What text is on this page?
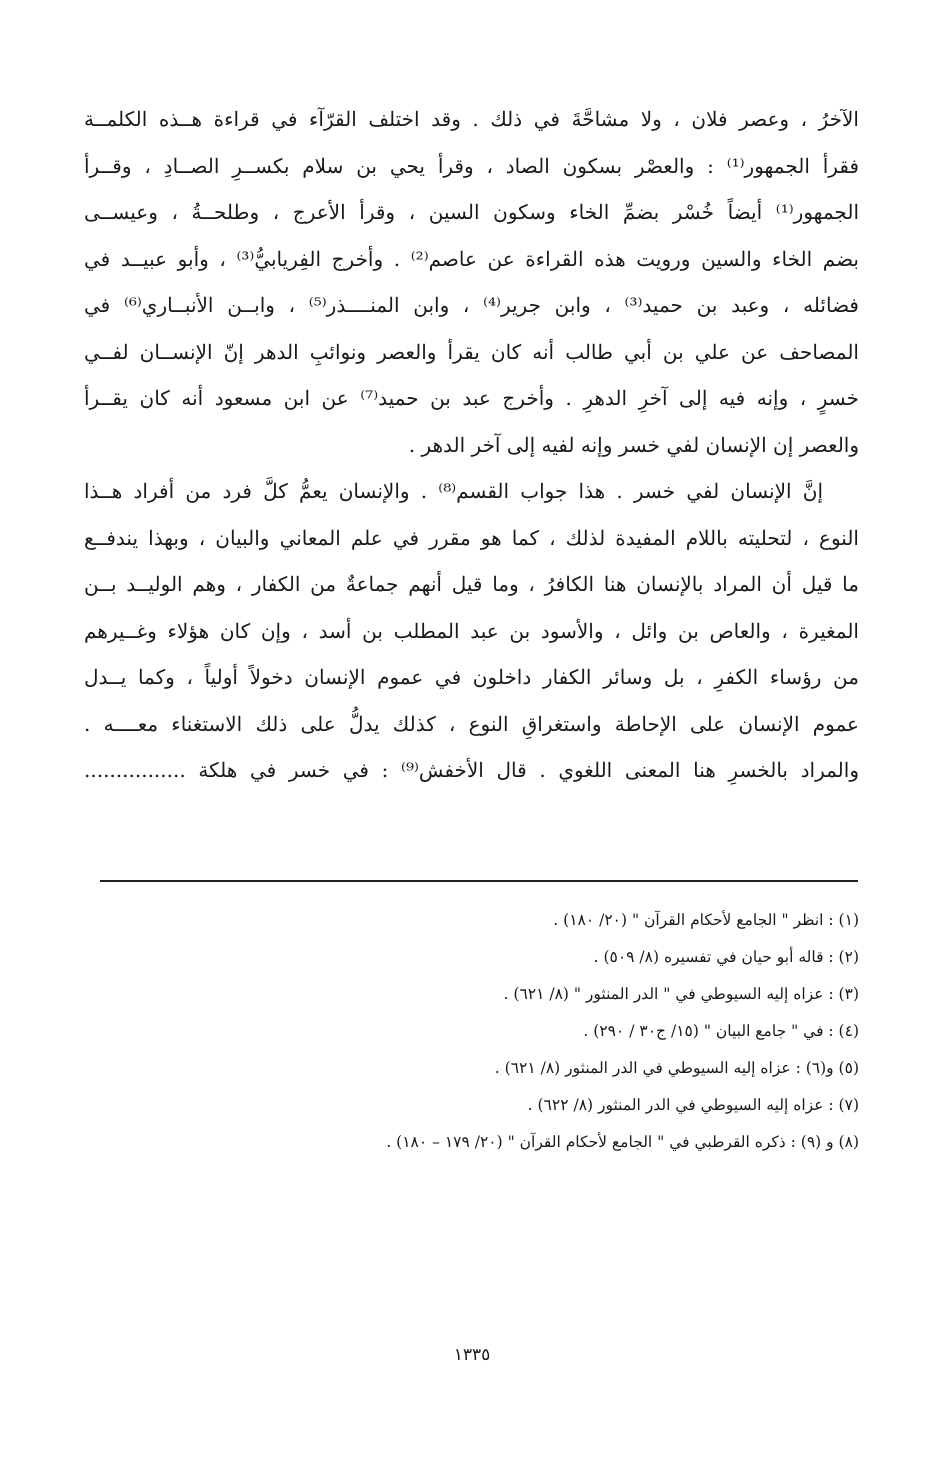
الآخرُ ، وعصر فلان ، ولا مشاحَّةَ في ذلك . وقد اختلف القرّآء في قراءة هــذه الكلمــة
فقرأ الجمهور⁽¹⁾ : والعصْر بسكون الصاد ، وقرأ يحي بن سلام بكســرِ الصــادِ ، وقــرأ
الجمهور⁽¹⁾ أيضاً خُسْر بضمِّ الخاء وسكون السين ، وقرأ الأعرج ، وطلحــةُ ، وعيســى
بضم الخاء والسين ورويت هذه القراءة عن عاصم⁽²⁾ . وأخرج الفِريابيُّ⁽³⁾ ، وأبو عبيــد في
فضائله ، وعبد بن حميد⁽³⁾ ، وابن جرير⁽⁴⁾ ، وابن المنــــذر⁽⁵⁾ ، وابــن الأنبــاري⁽⁶⁾ في
المصاحف عن علي بن أبي طالب أنه كان يقرأ والعصر ونوائبِ الدهر إنّ الإنســان لفــي
خسرٍ ، وإنه فيه إلى آخرِ الدهرِ . وأخرج عبد بن حميد⁽⁷⁾ عن ابن مسعود أنه كان يقــرأ
والعصر إن الإنسان لفي خسر وإنه لفيه إلى آخر الدهر .
إنَّ الإنسان لفي خسر . هذا جواب القسم⁽⁸⁾ . والإنسان يعمُّ كلَّ فرد من أفراد هــذا
النوع ، لتحليته باللام المفيدة لذلك ، كما هو مقرر في علم المعاني والبيان ، وبهذا يندفــع
ما قيل أن المراد بالإنسان هنا الكافرُ ، وما قيل أنهم جماعةٌ من الكفار ، وهم الوليــد بــن
المغيرة ، والعاص بن وائل ، والأسود بن عبد المطلب بن أسد ، وإن كان هؤلاء وغــيرهم
من رؤساء الكفرِ ، بل وسائر الكفار داخلون في عموم الإنسان دخولاً أولياً ، وكما يــدل
عموم الإنسان على الإحاطة واستغراقِ النوع ، كذلك يدلُّ على ذلك الاستغناء معــــه .
والمراد بالخسرِ هنا المعنى اللغوي . قال الأخفش⁽⁹⁾ : في خسر في هلكة ................
(١) : انظر " الجامع لأحكام القرآن " (٢٠/ ١٨٠) .
(٢) : قاله أبو حيان في تفسيره (٨/ ٥٠٩) .
(٣) : عزاه إليه السيوطي في " الدر المنثور " (٨/ ٦٢١) .
(٤) : في " جامع البيان " (١٥/ ج٣٠ / ٢٩٠) .
(٥) و(٦) : عزاه إليه السيوطي في الدر المنثور (٨/ ٦٢١) .
(٧) : عزاه إليه السيوطي في الدر المنثور (٨/ ٦٢٢) .
(٨) و (٩) : ذكره القرطبي في " الجامع لأحكام القرآن " (٢٠/ ١٧٩ – ١٨٠) .
١٣٣٥
